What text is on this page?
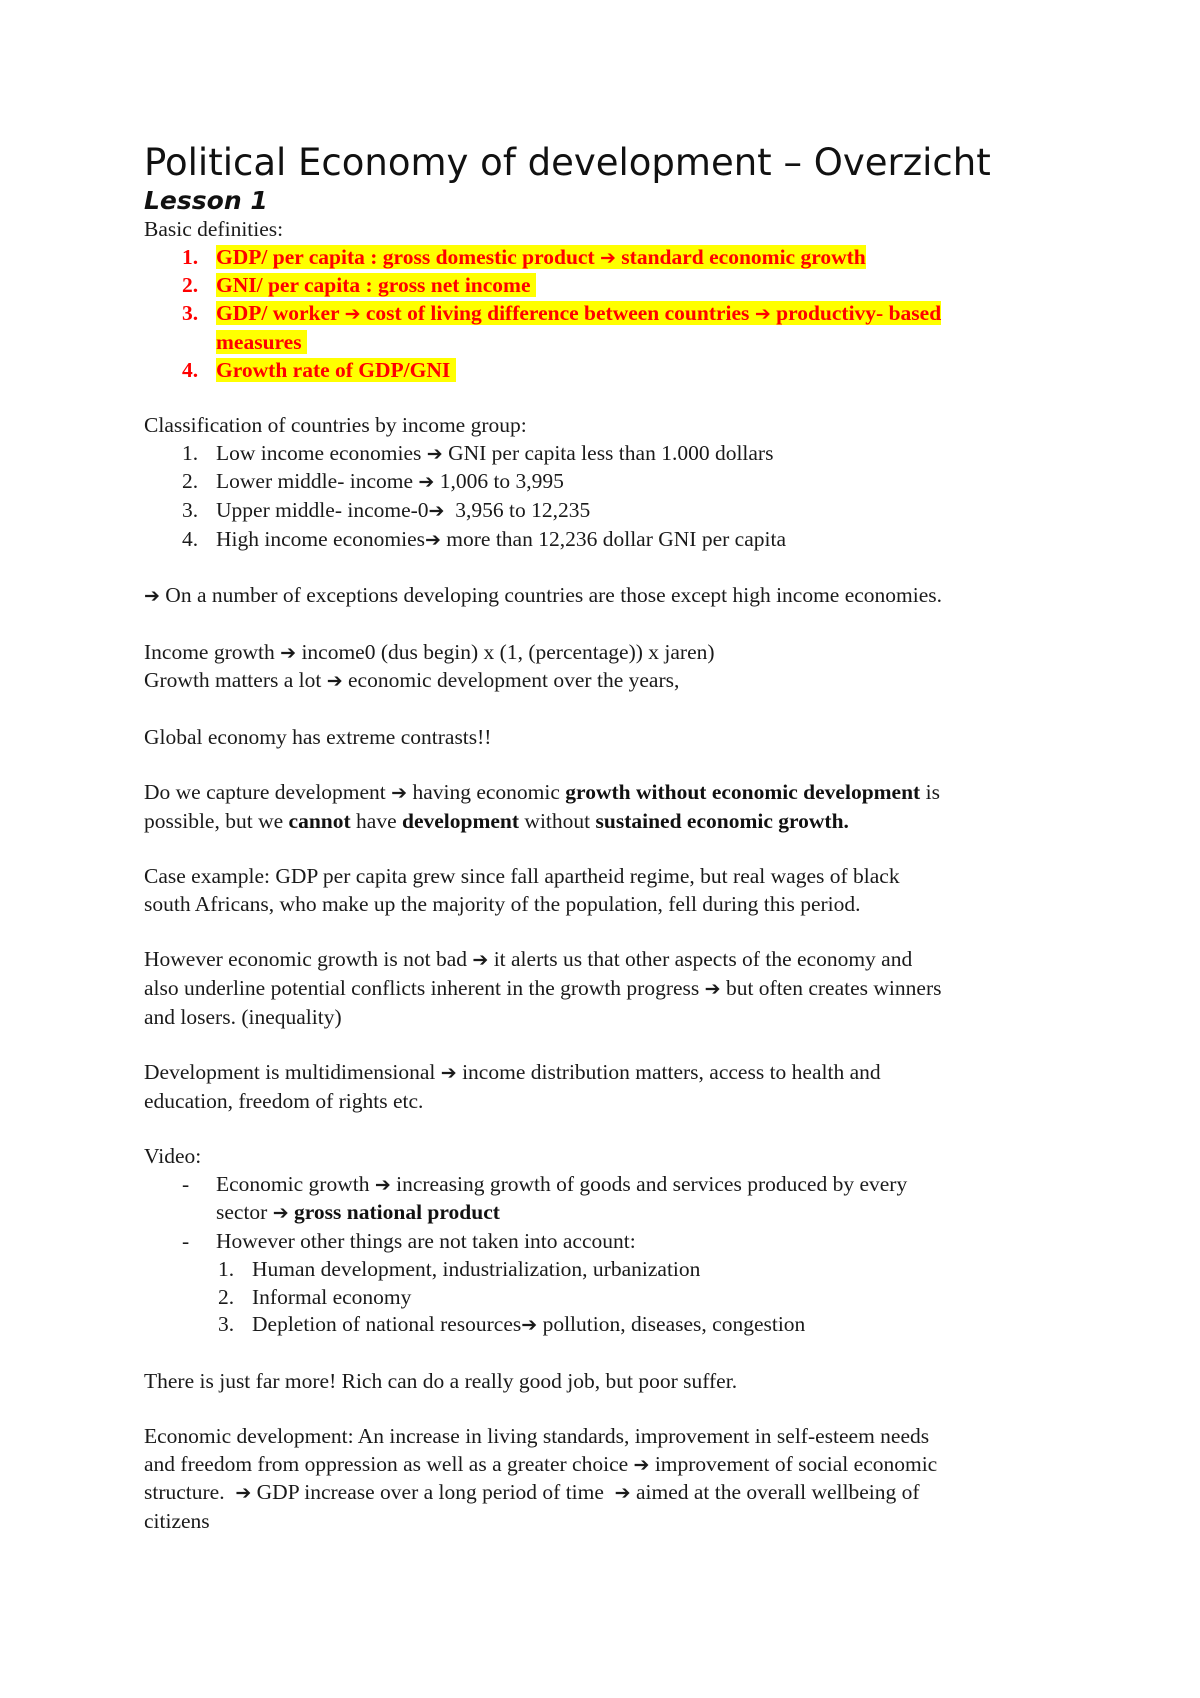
Political Economy of development – Overzicht
Lesson 1

Basic definities:

1. GDP/ per capita : gross domestic product ➔ standard economic growth
2. GNI/ per capita : gross net income
3. GDP/ worker ➔ cost of living difference between countries ➔ productivy- based
measures
4. Growth rate of GDP/GNI

Classification of countries by income group:

1. Low income economies ➔ GNI per capita less than 1.000 dollars
2. Lower middle- income ➔ 1,006 to 3,995
3. Upper middle- income-0➔  3,956 to 12,235
4. High income economies➔ more than 12,236 dollar GNI per capita

➔ On a number of exceptions developing countries are those except high income economies.

Income growth ➔ income0 (dus begin) x (1, (percentage)) x jaren)

Growth matters a lot ➔ economic development over the years,

Global economy has extreme contrasts!!

Do we capture development ➔ having economic growth without economic development is
possible, but we cannot have development without sustained economic growth.

Case example: GDP per capita grew since fall apartheid regime, but real wages of black
south Africans, who make up the majority of the population, fell during this period.

However economic growth is not bad ➔ it alerts us that other aspects of the economy and
also underline potential conflicts inherent in the growth progress ➔ but often creates winners
and losers. (inequality)

Development is multidimensional ➔ income distribution matters, access to health and
education, freedom of rights etc.

Video:

- Economic growth ➔ increasing growth of goods and services produced by every
sector ➔ gross national product
- However other things are not taken into account:
1. Human development, industrialization, urbanization
2. Informal economy
3. Depletion of national resources➔ pollution, diseases, congestion

There is just far more! Rich can do a really good job, but poor suffer.

Economic development: An increase in living standards, improvement in self-esteem needs
and freedom from oppression as well as a greater choice ➔ improvement of social economic
structure.  ➔ GDP increase over a long period of time  ➔ aimed at the overall wellbeing of
citizens
